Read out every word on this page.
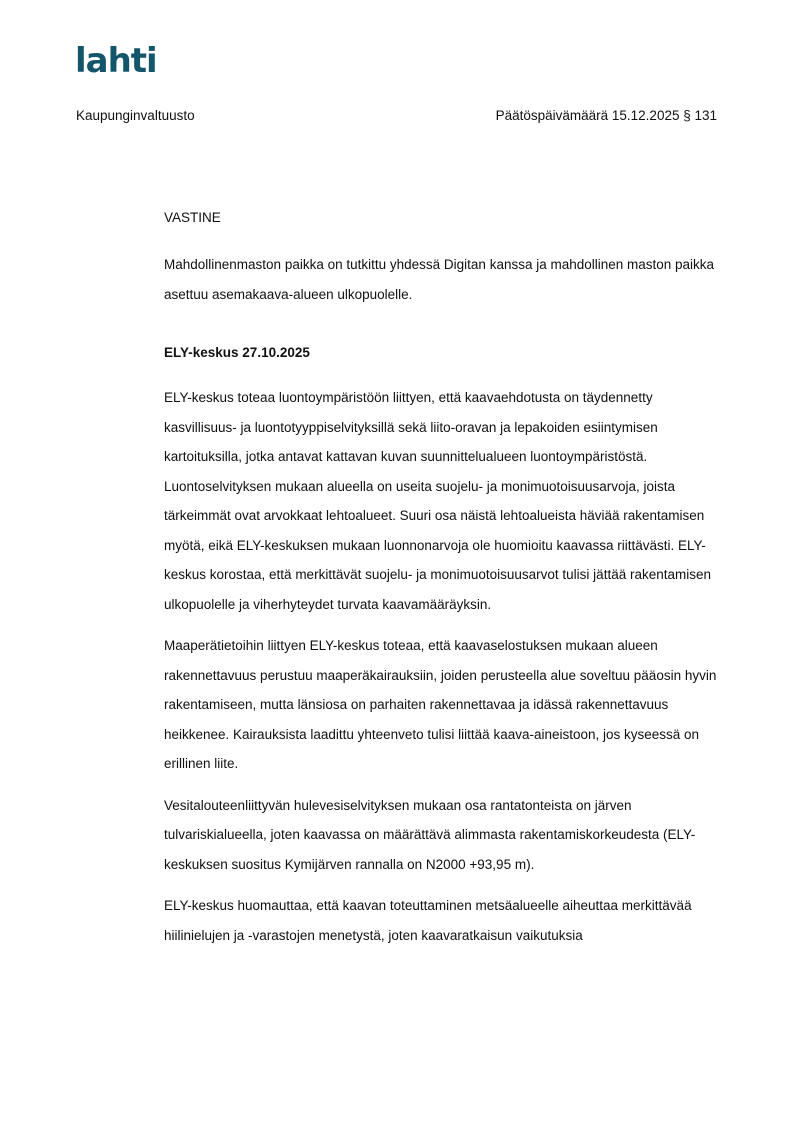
lahti
Kaupunginvaltuusto	Päätöspäivämäärä 15.12.2025 § 131
VASTINE

Mahdollinenmaston paikka on tutkittu yhdessä Digitan kanssa ja mahdollinen maston paikka asettuu asemakaava-alueen ulkopuolelle.

ELY-keskus 27.10.2025

ELY-keskus toteaa luontoympäristöön liittyen, että kaavaehdotusta on täydennetty kasvillisuus- ja luontotyyppiselvityksillä sekä liito-oravan ja lepakoiden esiintymisen kartoituksilla, jotka antavat kattavan kuvan suunnittelualueen luontoympäristöstä. Luontoselvityksen mukaan alueella on useita suojelu- ja monimuotoisuusarvoja, joista tärkeimmät ovat arvokkaat lehtoalueet. Suuri osa näistä lehtoalueista häviää rakentamisen myötä, eikä ELY-keskuksen mukaan luonnonarvoja ole huomioitu kaavassa riittävästi. ELY-keskus korostaa, että merkittävät suojelu- ja monimuotoisuusarvot tulisi jättää rakentamisen ulkopuolelle ja viherhyteydet turvata kaavamääräyksin.

Maaperätietoihin liittyen ELY-keskus toteaa, että kaavaselostuksen mukaan alueen rakennettavuus perustuu maaperäkairauksiin, joiden perusteella alue soveltuu pääosin hyvin rakentamiseen, mutta länsiosa on parhaiten rakennettavaa ja idässä rakennettavuus heikkenee. Kairauksista laadittu yhteenveto tulisi liittää kaava-aineistoon, jos kyseessä on erillinen liite.

Vesitalouteenliittyvän hulevesiselvityksen mukaan osa rantatonteista on järven tulvariskialueella, joten kaavassa on määrättävä alimmasta rakentamiskorkeudesta (ELY-keskuksen suositus Kymijärven rannalla on N2000 +93,95 m).

ELY-keskus huomauttaa, että kaavan toteuttaminen metsäalueelle aiheuttaa merkittävää hiilinielujen ja -varastojen menetystä, joten kaavaratkaisun vaikutuksia
